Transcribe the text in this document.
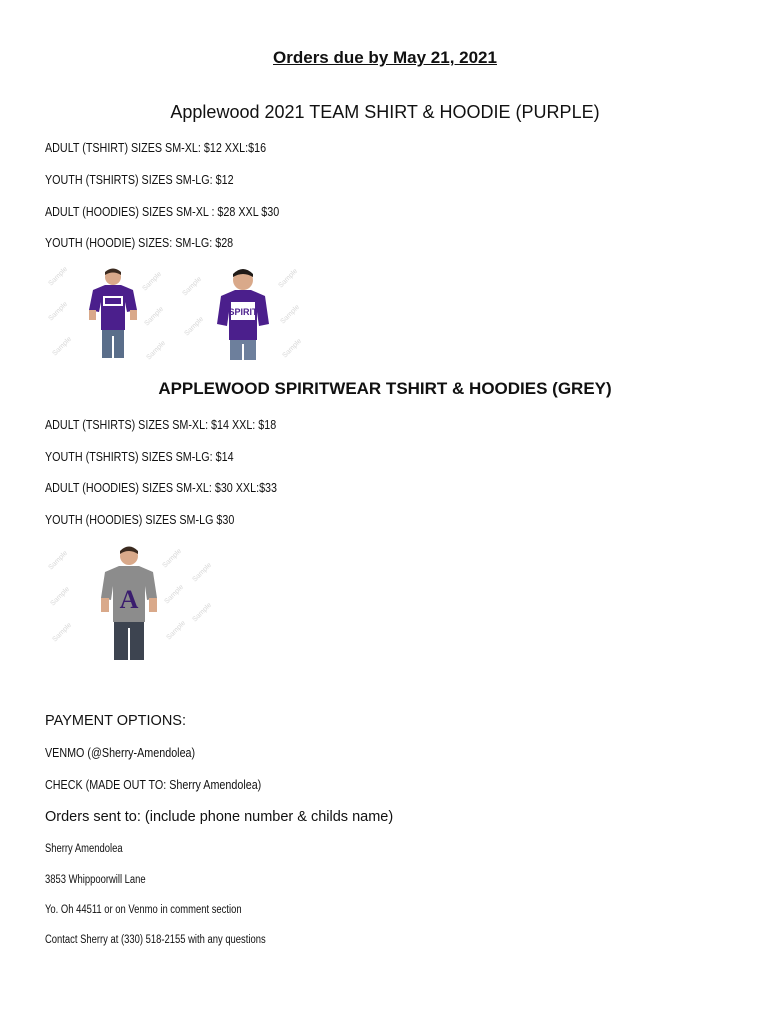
Orders due by May 21, 2021
Applewood 2021 TEAM SHIRT & HOODIE (PURPLE)
ADULT (TSHIRT) SIZES SM-XL: $12 XXL:$16
YOUTH (TSHIRTS) SIZES SM-LG: $12
ADULT (HOODIES) SIZES SM-XL : $28 XXL $30
YOUTH (HOODIE) SIZES: SM-LG: $28
Sample
Sample
Sample
Sample
Sample
Sample
Sample
Sample
Sample
Sample
Sample
SPIRIT
APPLEWOOD SPIRITWEAR TSHIRT & HOODIES (GREY)
ADULT (TSHIRTS) SIZES SM-XL: $14 XXL: $18
YOUTH (TSHIRTS) SIZES SM-LG: $14
ADULT (HOODIES) SIZES SM-XL: $30 XXL:$33
YOUTH (HOODIES) SIZES SM-LG $30
Sample
Sample
Sample
Sample
Sample
Sample
Sample
Sample
A
PAYMENT OPTIONS:
VENMO (@Sherry-Amendolea)
CHECK (MADE OUT TO: Sherry Amendolea)
Orders sent to: (include phone number & childs name)
Sherry Amendolea
3853 Whippoorwill Lane
Yo. Oh 44511 or on Venmo in comment section
Contact Sherry at (330) 518-2155 with any questions
